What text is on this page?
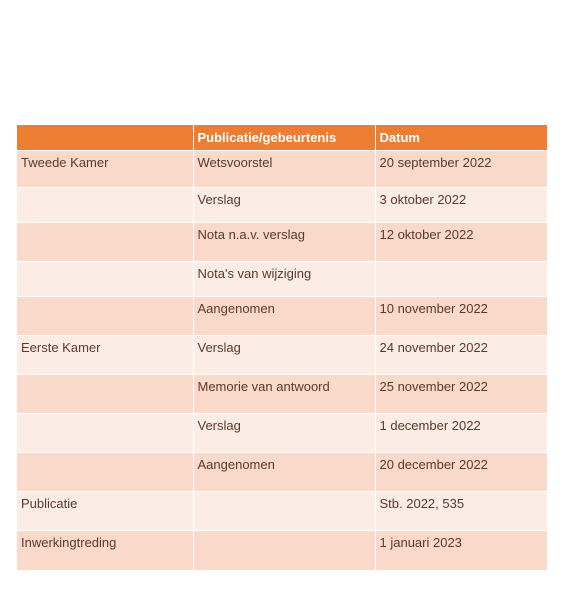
	Publicatie/gebeurtenis	Datum
Tweede Kamer	Wetsvoorstel	20 september 2022
	Verslag	3 oktober 2022
	Nota n.a.v. verslag	12 oktober 2022
	Nota's van wijziging	
	Aangenomen	10 november 2022
Eerste Kamer	Verslag	24 november 2022
	Memorie van antwoord	25 november 2022
	Verslag	1 december 2022
	Aangenomen	20 december 2022
Publicatie		Stb. 2022, 535
Inwerkingtreding		1 januari 2023
